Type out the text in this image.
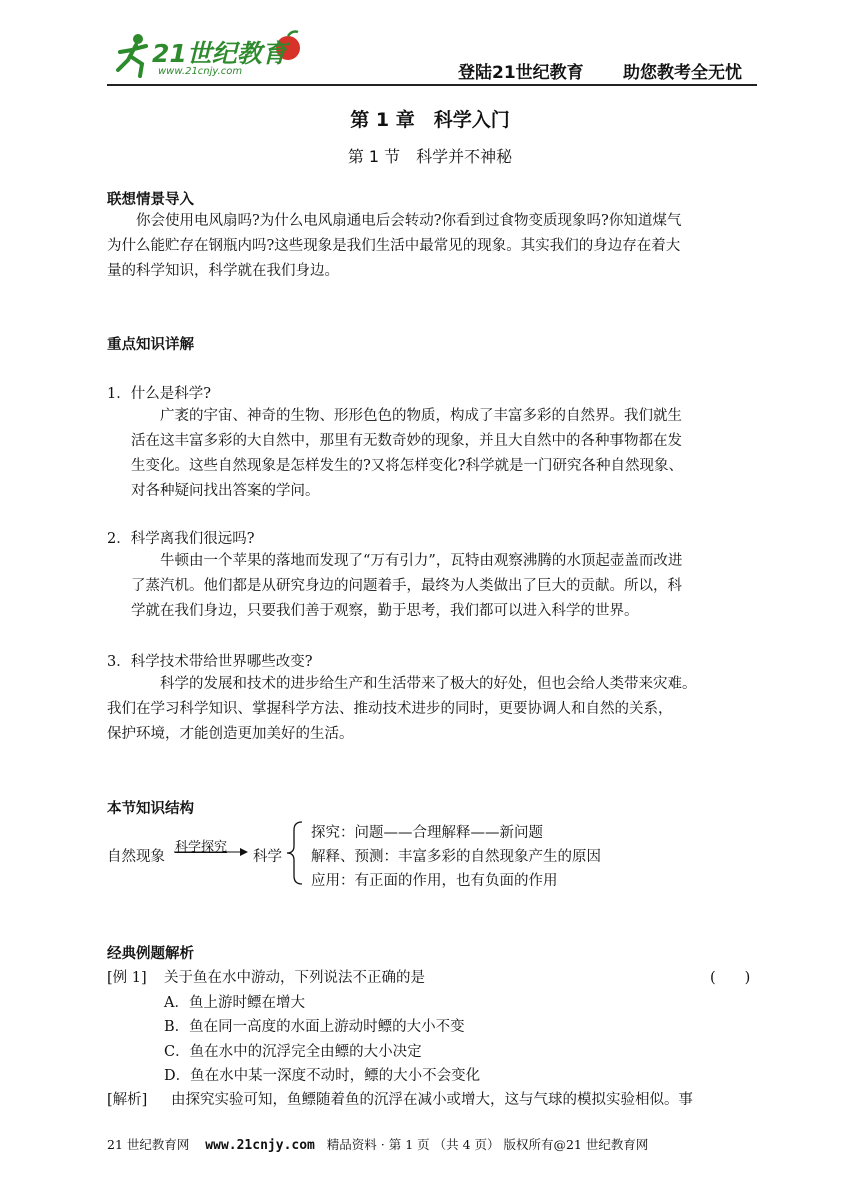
21世纪教育
www.21cnjy.com	登陆21世纪教育 助您教考全无忧
第 1 章　科学入门
第 1 节　科学并不神秘
联想情景导入
你会使用电风扇吗?为什么电风扇通电后会转动?你看到过食物变质现象吗?你知道煤气
为什么能贮存在钢瓶内吗?这些现象是我们生活中最常见的现象。其实我们的身边存在着大
量的科学知识，科学就在我们身边。
重点知识详解
1．什么是科学?
广袤的宇宙、神奇的生物、形形色色的物质，构成了丰富多彩的自然界。我们就生
活在这丰富多彩的大自然中，那里有无数奇妙的现象，并且大自然中的各种事物都在发
生变化。这些自然现象是怎样发生的?又将怎样变化?科学就是一门研究各种自然现象、
对各种疑问找出答案的学问。
2．科学离我们很远吗?
牛顿由一个苹果的落地而发现了“万有引力”，瓦特由观察沸腾的水顶起壶盖而改进
了蒸汽机。他们都是从研究身边的问题着手，最终为人类做出了巨大的贡献。所以，科
学就在我们身边，只要我们善于观察，勤于思考，我们都可以进入科学的世界。
3．科学技术带给世界哪些改变?
科学的发展和技术的进步给生产和生活带来了极大的好处，但也会给人类带来灾难。
我们在学习科学知识、掌握科学方法、推动技术进步的同时，更要协调人和自然的关系，
保护环境，才能创造更加美好的生活。
本节知识结构
自然现象
科学探究
科学
探究：问题——合理解释——新问题
解释、预测：丰富多彩的自然现象产生的原因
应用：有正面的作用，也有负面的作用
经典例题解析
[例 1] 关于鱼在水中游动，下列说法不正确的是	(　　)
A．鱼上游时鳔在增大
B．鱼在同一高度的水面上游动时鳔的大小不变
C．鱼在水中的沉浮完全由鳔的大小决定
D．鱼在水中某一深度不动时，鳔的大小不会变化
[解析] 由探究实验可知，鱼鳔随着鱼的沉浮在减小或增大，这与气球的模拟实验相似。事
21 世纪教育网 www.21cnjy.com 精品资料 · 第 1 页 （共 4 页） 版权所有@21 世纪教育网
